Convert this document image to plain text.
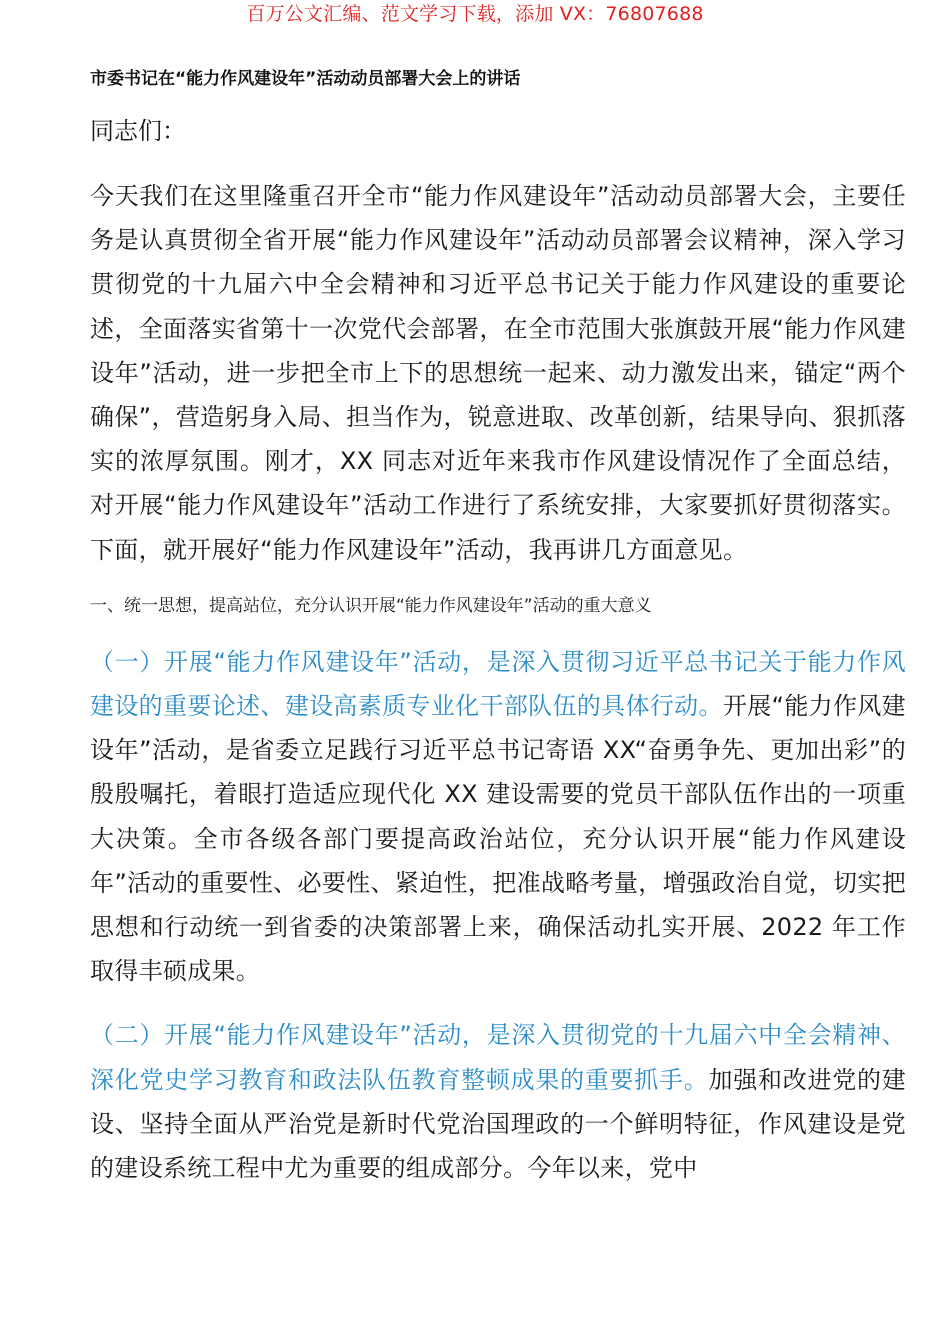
百万公文汇编、范文学习下载，添加 VX：76807688

市委书记在“能力作风建设年”活动动员部署大会上的讲话

同志们：

今天我们在这里隆重召开全市“能力作风建设年”活动动员部署大会，主要任务是认真贯彻全省开展“能力作风建设年”活动动员部署会议精神，深入学习贯彻党的十九届六中全会精神和习近平总书记关于能力作风建设的重要论述，全面落实省第十一次党代会部署，在全市范围大张旗鼓开展“能力作风建设年”活动，进一步把全市上下的思想统一起来、动力激发出来，锚定“两个确保”，营造躬身入局、担当作为，锐意进取、改革创新，结果导向、狠抓落实的浓厚氛围。刚才，XX 同志对近年来我市作风建设情况作了全面总结，对开展“能力作风建设年”活动工作进行了系统安排，大家要抓好贯彻落实。下面，就开展好“能力作风建设年”活动，我再讲几方面意见。

一、统一思想，提高站位，充分认识开展“能力作风建设年”活动的重大意义

（一）开展“能力作风建设年”活动，是深入贯彻习近平总书记关于能力作风建设的重要论述、建设高素质专业化干部队伍的具体行动。开展“能力作风建设年”活动，是省委立足践行习近平总书记寄语 XX“奋勇争先、更加出彩”的殷殷嘱托，着眼打造适应现代化 XX 建设需要的党员干部队伍作出的一项重大决策。全市各级各部门要提高政治站位，充分认识开展“能力作风建设年”活动的重要性、必要性、紧迫性，把准战略考量，增强政治自觉，切实把思想和行动统一到省委的决策部署上来，确保活动扎实开展、2022 年工作取得丰硕成果。

（二）开展“能力作风建设年”活动，是深入贯彻党的十九届六中全会精神、深化党史学习教育和政法队伍教育整顿成果的重要抓手。加强和改进党的建设、坚持全面从严治党是新时代党治国理政的一个鲜明特征，作风建设是党的建设系统工程中尤为重要的组成部分。今年以来，党中
